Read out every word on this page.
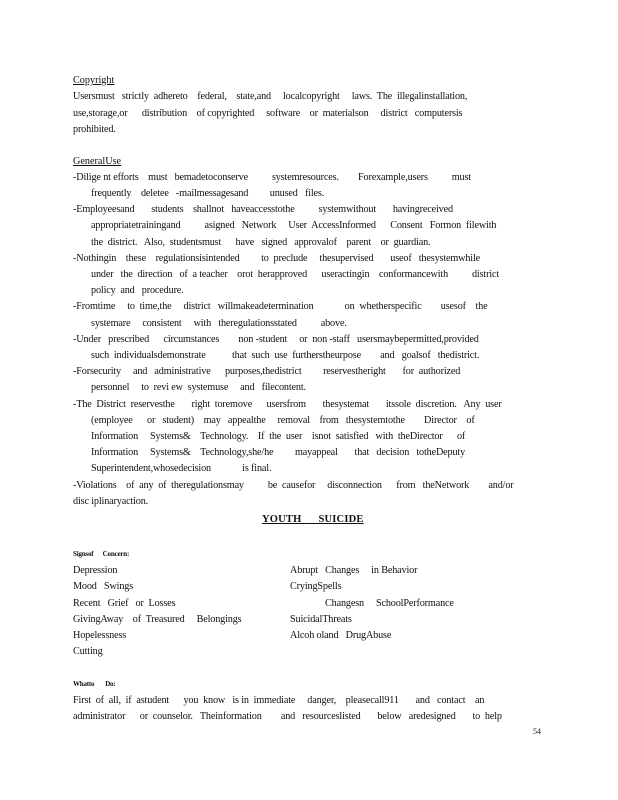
Copyright
Usersmust   strictly  adhereto    federal,    state,and     localcopyright     laws.  The  illegalinstallation,
use,storage,or      distribution    of copyrighted     software    or  materialson     district   computersis
prohibited.
GeneralUse
-Dilige nt efforts    must   bemadetoconserve          systemresources.        Forexample,users          must
frequently    deletee   -mailmessagesand         unused   files.
-Employeesand       students    shallnot   haveaccesstothe          systemwithout       havingreceived
appropriatetrainingand          asigned   Network     User  AccessInformed      Consent   Formon  filewith
the  district.   Also,  studentsmust      have   signed   approvalof    parent    or  guardian.
-Nothingin    these    regulationsisintended         to  preclude     thesupervised       useof   thesystemwhile
under   the  direction   of  a teacher    orot  herapproved      useractingin    conformancewith          district
policy  and   procedure.
-Fromtime     to  time,the     district   willmakeadetermination             on  whetherspecific        usesof    the
systemare     consistent     with   theregulationsstated          above.
-Under   prescribed      circumstances        non -student     or  non -staff   usersmaybepermitted,provided
such  individualsdemonstrate           that  such  use  furtherstheurpose        and   goalsof   thedistrict.
-Forsecurity     and   administrative      purposes,thedistrict         reservestheright       for  authorized
personnel     to  revi ew  systemuse     and   filecontent.
-The  District  reservesthe       right  toremove      usersfrom       thesystemat       itssole  discretion.   Any  user
(employee      or   student)    may   appealthe     removal    from   thesystemtothe        Director    of
Information     Systems&    Technology.    If  the  user    isnot  satisfied   with  theDirector      of
Information     Systems&    Technology,she/he         mayappeal       that   decision   totheDeputy
Superintendent,whosedecision             is final.
-Violations    of  any  of  theregulationsmay          be  causefor     disconnection      from   theNetwork        and/or
disc iplinaryaction.
YOUTH      SUICIDE
Signsof      Concern:
Depression
Mood   Swings
Recent   Grief   or  Losses
GivingAway    of  Treasured     Belongings
Hopelessness
Cutting
Abrupt   Changes     in Behavior
CryingSpells
Changesn     SchoolPerformance
SuicidalThreats
Alcoh oland   DrugAbuse
Whatto       Do:
First  of  all,  if  astudent      you  know   is in  immediate     danger,    pleasecall911       and   contact    an
administrator      or  counselor.   Theinformation        and   resourceslisted       below   aredesigned       to  help
54
